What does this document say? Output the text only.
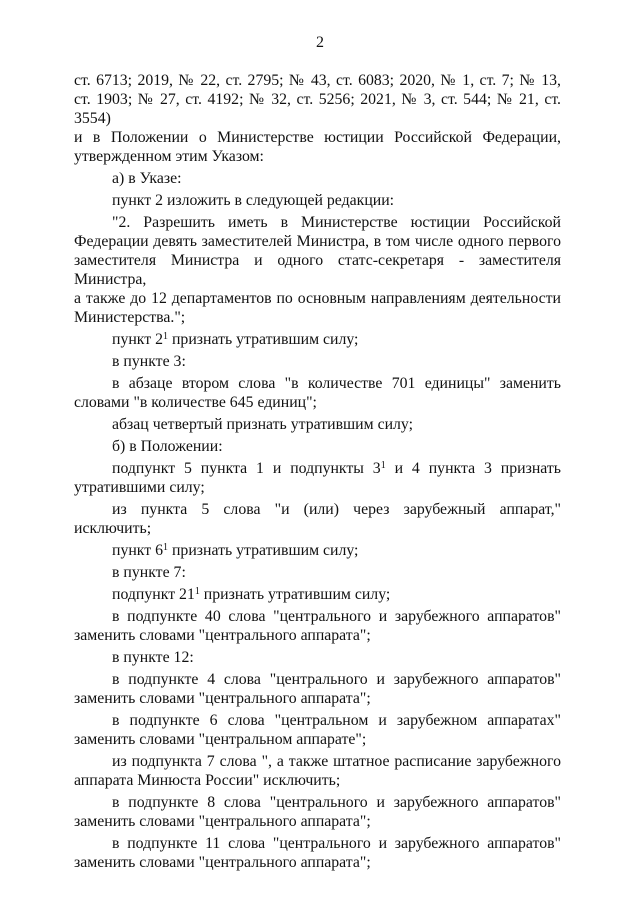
2
ст. 6713; 2019, № 22, ст. 2795; № 43, ст. 6083; 2020, № 1, ст. 7; № 13,
ст. 1903; № 27, ст. 4192; № 32, ст. 5256; 2021, № 3, ст. 544; № 21, ст. 3554)
и в Положении о Министерстве юстиции Российской Федерации,
утвержденном этим Указом:
а) в Указе:
пункт 2 изложить в следующей редакции:
"2. Разрешить иметь в Министерстве юстиции Российской
Федерации девять заместителей Министра, в том числе одного первого
заместителя Министра и одного статс-секретаря - заместителя Министра,
а также до 12 департаментов по основным направлениям деятельности
Министерства.";
пункт $2^1$ признать утратившим силу;
в пункте 3:
в абзаце втором слова "в количестве 701 единицы" заменить
словами "в количестве 645 единиц";
абзац четвертый признать утратившим силу;
б) в Положении:
подпункт 5 пункта 1 и подпункты $3^1$ и 4 пункта 3 признать
утратившими силу;
из пункта 5 слова "и (или) через зарубежный аппарат,"
исключить;
пункт $6^1$ признать утратившим силу;
в пункте 7:
подпункт $21^1$ признать утратившим силу;
в подпункте 40 слова "центрального и зарубежного аппаратов"
заменить словами "центрального аппарата";
в пункте 12:
в подпункте 4 слова "центрального и зарубежного аппаратов"
заменить словами "центрального аппарата";
в подпункте 6 слова "центральном и зарубежном аппаратах"
заменить словами "центральном аппарате";
из подпункта 7 слова ", а также штатное расписание зарубежного
аппарата Минюста России" исключить;
в подпункте 8 слова "центрального и зарубежного аппаратов"
заменить словами "центрального аппарата";
в подпункте 11 слова "центрального и зарубежного аппаратов"
заменить словами "центрального аппарата";
